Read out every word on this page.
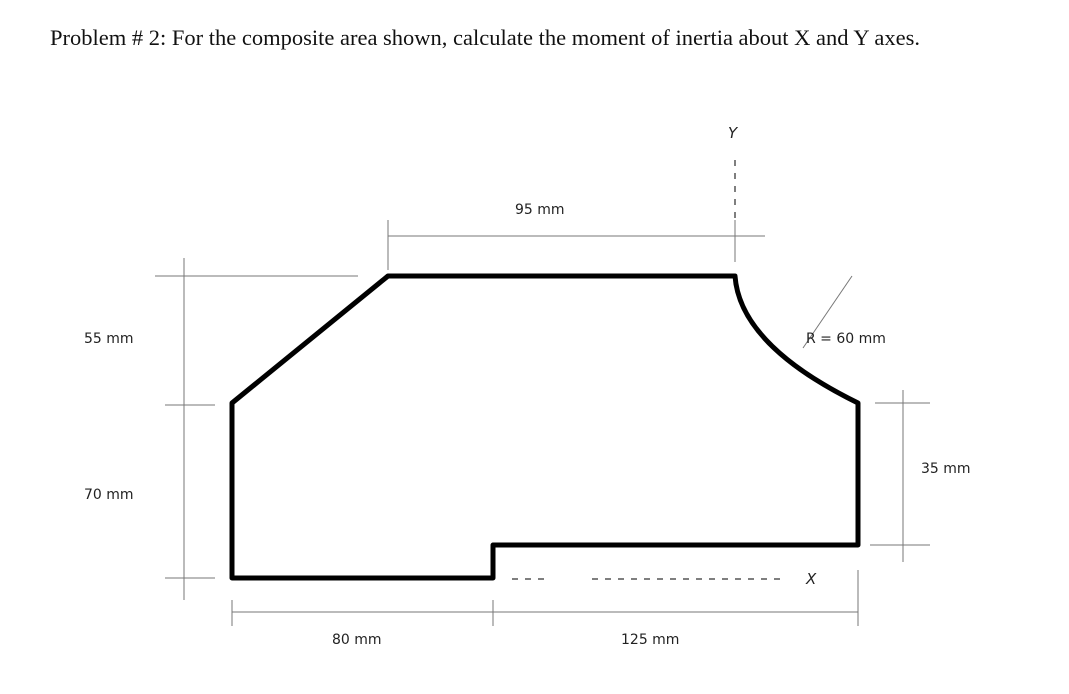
Problem # 2: For the composite area shown, calculate the moment of inertia about X and Y axes.
95 mm
Y
55 mm
70 mm
R = 60 mm
35 mm
X
80 mm	125 mm
